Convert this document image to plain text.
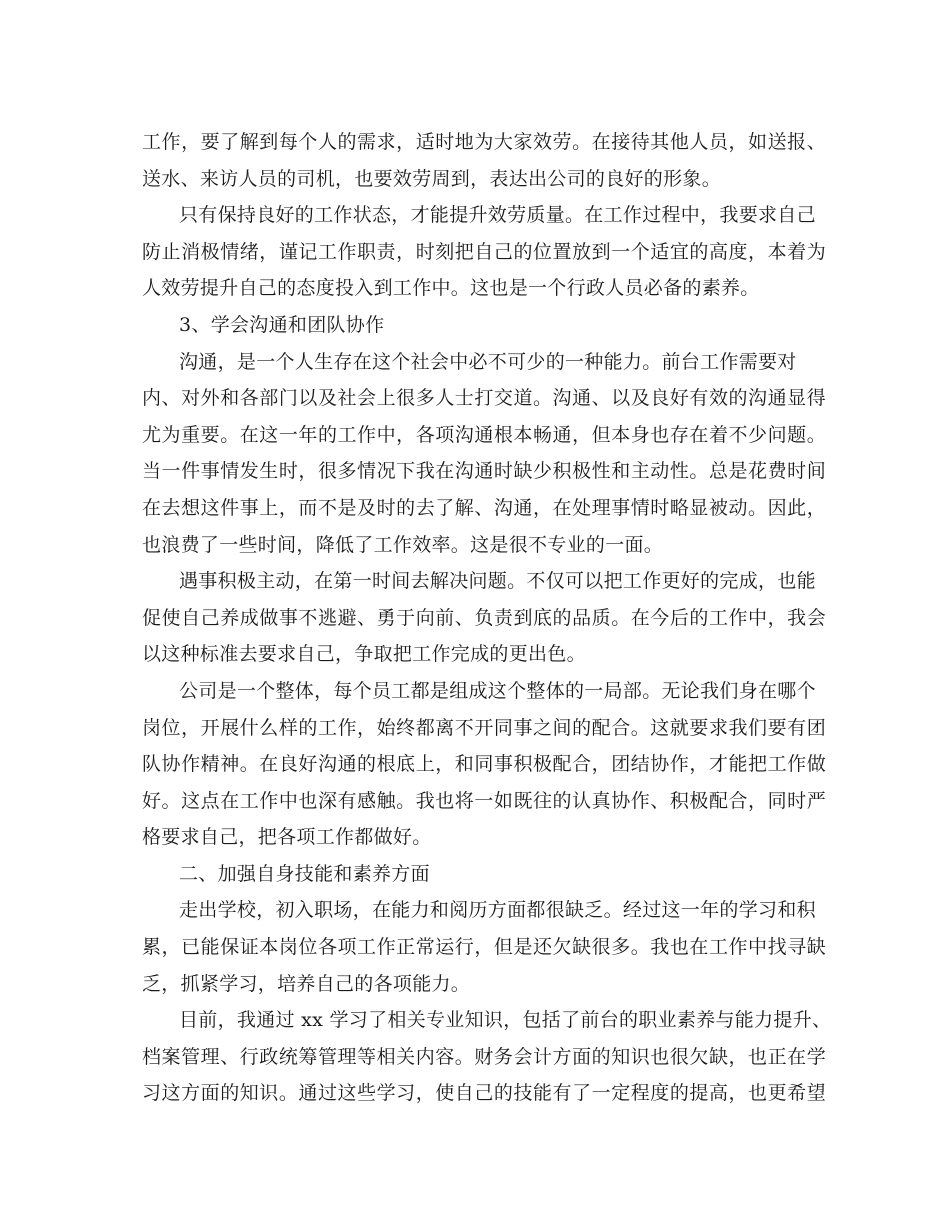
工作，要了解到每个人的需求，适时地为大家效劳。在接待其他人员，如送报、
送水、来访人员的司机，也要效劳周到，表达出公司的良好的形象。
只有保持良好的工作状态，才能提升效劳质量。在工作过程中，我要求自己
防止消极情绪，谨记工作职责，时刻把自己的位置放到一个适宜的高度，本着为
人效劳提升自己的态度投入到工作中。这也是一个行政人员必备的素养。
3、学会沟通和团队协作
沟通，是一个人生存在这个社会中必不可少的一种能力。前台工作需要对
内、对外和各部门以及社会上很多人士打交道。沟通、以及良好有效的沟通显得
尤为重要。在这一年的工作中，各项沟通根本畅通，但本身也存在着不少问题。
当一件事情发生时，很多情况下我在沟通时缺少积极性和主动性。总是花费时间
在去想这件事上，而不是及时的去了解、沟通，在处理事情时略显被动。因此，
也浪费了一些时间，降低了工作效率。这是很不专业的一面。
遇事积极主动，在第一时间去解决问题。不仅可以把工作更好的完成，也能
促使自己养成做事不逃避、勇于向前、负责到底的品质。在今后的工作中，我会
以这种标准去要求自己，争取把工作完成的更出色。
公司是一个整体，每个员工都是组成这个整体的一局部。无论我们身在哪个
岗位，开展什么样的工作，始终都离不开同事之间的配合。这就要求我们要有团
队协作精神。在良好沟通的根底上，和同事积极配合，团结协作，才能把工作做
好。这点在工作中也深有感触。我也将一如既往的认真协作、积极配合，同时严
格要求自己，把各项工作都做好。
二、加强自身技能和素养方面
走出学校，初入职场，在能力和阅历方面都很缺乏。经过这一年的学习和积
累，已能保证本岗位各项工作正常运行，但是还欠缺很多。我也在工作中找寻缺
乏，抓紧学习，培养自己的各项能力。
目前，我通过 xx 学习了相关专业知识，包括了前台的职业素养与能力提升、
档案管理、行政统筹管理等相关内容。财务会计方面的知识也很欠缺，也正在学
习这方面的知识。通过这些学习，使自己的技能有了一定程度的提高，也更希望
